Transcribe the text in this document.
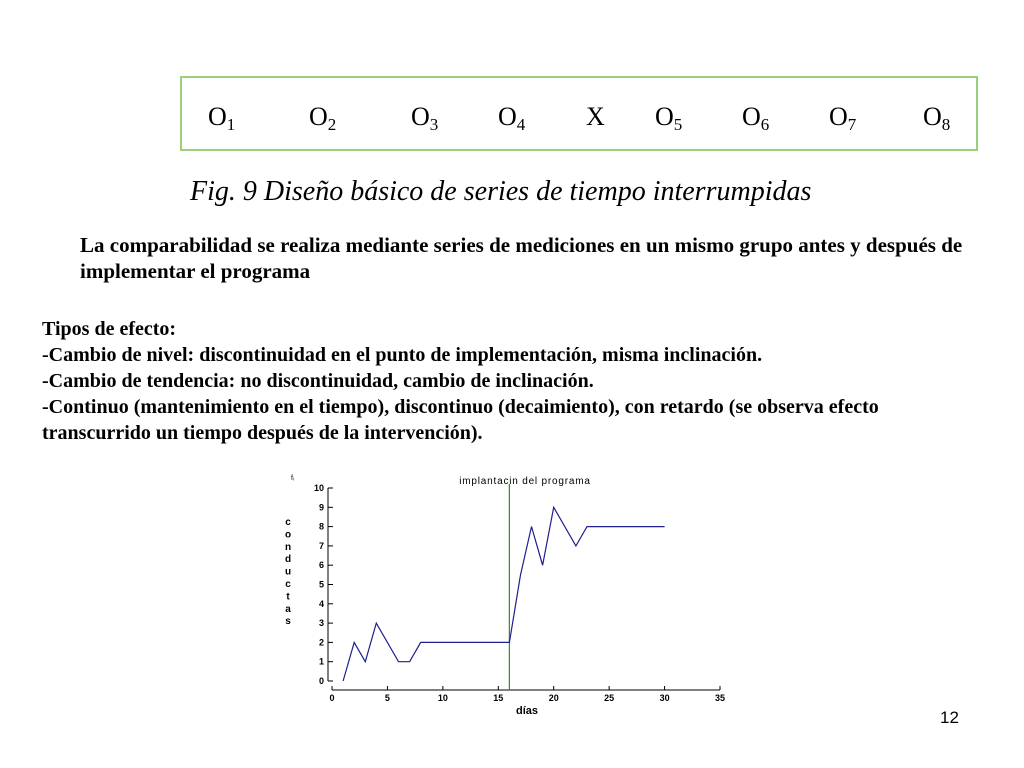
$O_1$	$O_2$	$O_3$ $O_4$ X $O_5$ $O_6$ $O_7$	$O_8$
Fig. 9 Diseño básico de series de tiempo interrumpidas
La comparabilidad se realiza mediante series de mediciones en un mismo grupo antes y después de implementar el programa

Tipos de efecto:

-Cambio de nivel: discontinuidad en el punto de implementación, misma inclinación.

-Cambio de tendencia: no discontinuidad, cambio de inclinación.

-Continuo (mantenimiento en el tiempo), discontinuo (decaimiento), con retardo (se observa efecto transcurrido un tiempo después de la intervención).

fᵢ	implantacin del programa
días
c
o
n
d
u
c
t
a
s
0
1
2
3
4
5
6
7
8
9
10
0	5	10	15	20	25	30	35
12
